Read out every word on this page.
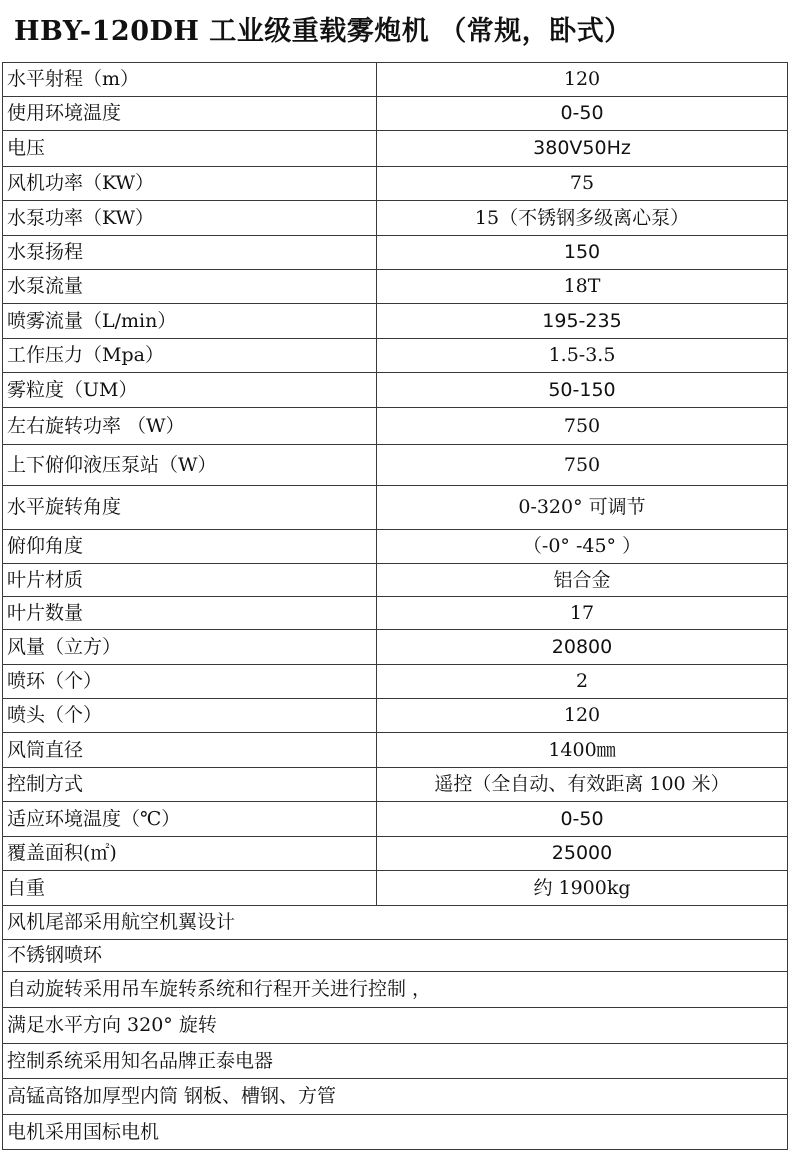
HBY-120DH 工业级重载雾炮机 （常规，卧式）
水平射程（m）	120
使用环境温度	0-50
电压	380V50Hz
风机功率（KW）	75
水泵功率（KW）	15（不锈钢多级离心泵）
水泵扬程	150
水泵流量	18T
喷雾流量（L/min）	195-235
工作压力（Mpa）	1.5-3.5
雾粒度（UM）	50-150
左右旋转功率 （W）	750
上下俯仰液压泵站（W）	750
水平旋转角度	0-320° 可调节
俯仰角度	（-0° -45° ）
叶片材质	铝合金
叶片数量	17
风量（立方）	20800
喷环（个）	2
喷头（个）	120
风筒直径	1400㎜
控制方式	遥控（全自动、有效距离 100 米）
适应环境温度（℃）	0-50
覆盖面积(㎡)	25000
自重	约 1900kg
风机尾部采用航空机翼设计	
不锈钢喷环	
自动旋转采用吊车旋转系统和行程开关进行控制 ，	
满足水平方向 320° 旋转	
控制系统采用知名品牌正泰电器	
高锰高铬加厚型内筒 钢板、槽钢、方管	
电机采用国标电机	
